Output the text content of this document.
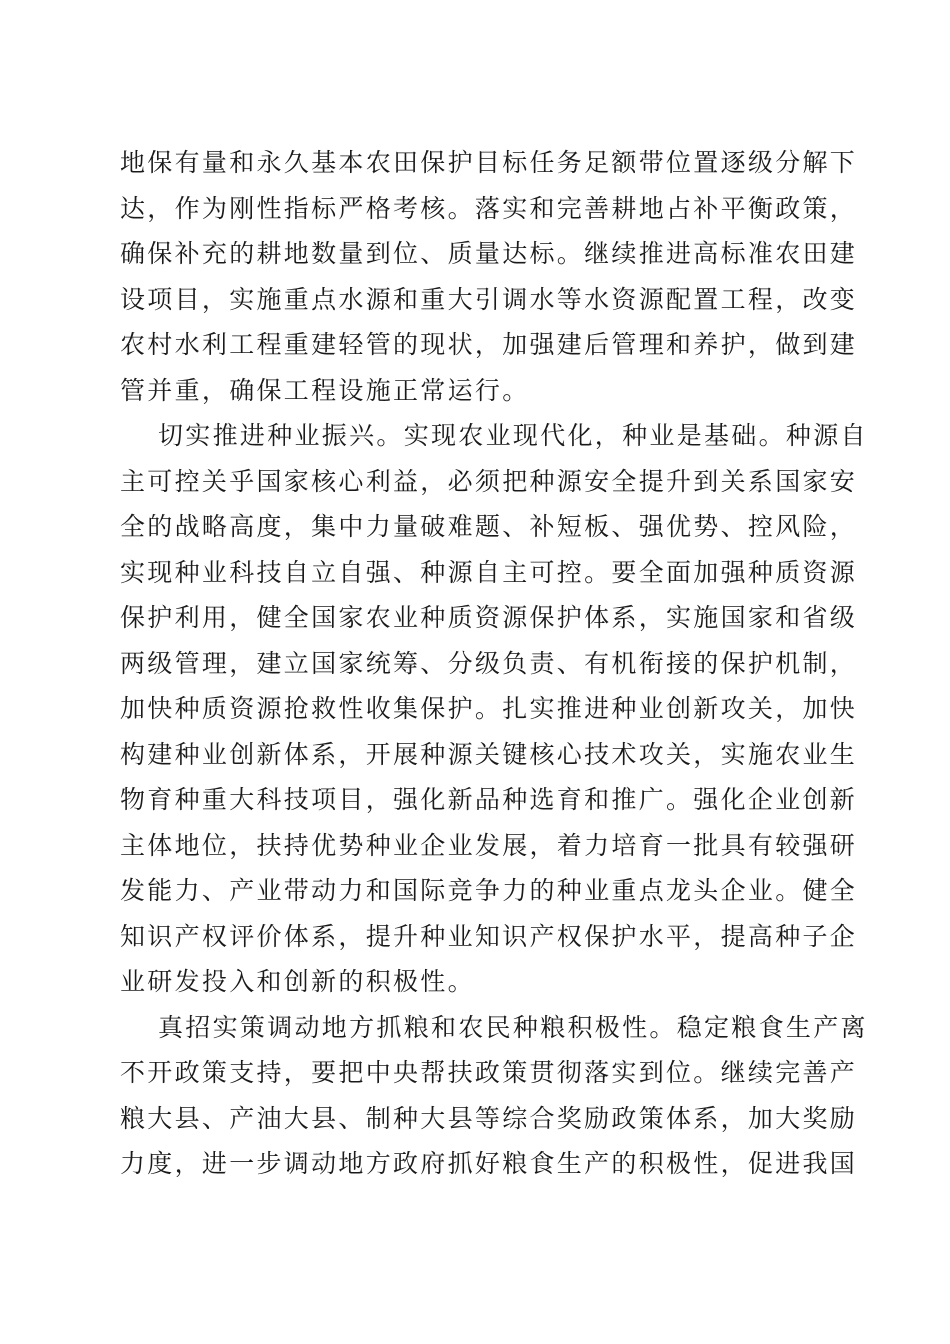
地保有量和永久基本农田保护目标任务足额带位置逐级分解下
达，作为刚性指标严格考核。落实和完善耕地占补平衡政策，
确保补充的耕地数量到位、质量达标。继续推进高标准农田建
设项目，实施重点水源和重大引调水等水资源配置工程，改变
农村水利工程重建轻管的现状，加强建后管理和养护，做到建
管并重，确保工程设施正常运行。

切实推进种业振兴。实现农业现代化，种业是基础。种源自
主可控关乎国家核心利益，必须把种源安全提升到关系国家安
全的战略高度，集中力量破难题、补短板、强优势、控风险，
实现种业科技自立自强、种源自主可控。要全面加强种质资源
保护利用，健全国家农业种质资源保护体系，实施国家和省级
两级管理，建立国家统筹、分级负责、有机衔接的保护机制，
加快种质资源抢救性收集保护。扎实推进种业创新攻关，加快
构建种业创新体系，开展种源关键核心技术攻关，实施农业生
物育种重大科技项目，强化新品种选育和推广。强化企业创新
主体地位，扶持优势种业企业发展，着力培育一批具有较强研
发能力、产业带动力和国际竞争力的种业重点龙头企业。健全
知识产权评价体系，提升种业知识产权保护水平，提高种子企
业研发投入和创新的积极性。

真招实策调动地方抓粮和农民种粮积极性。稳定粮食生产离
不开政策支持，要把中央帮扶政策贯彻落实到位。继续完善产
粮大县、产油大县、制种大县等综合奖励政策体系，加大奖励
力度，进一步调动地方政府抓好粮食生产的积极性，促进我国
